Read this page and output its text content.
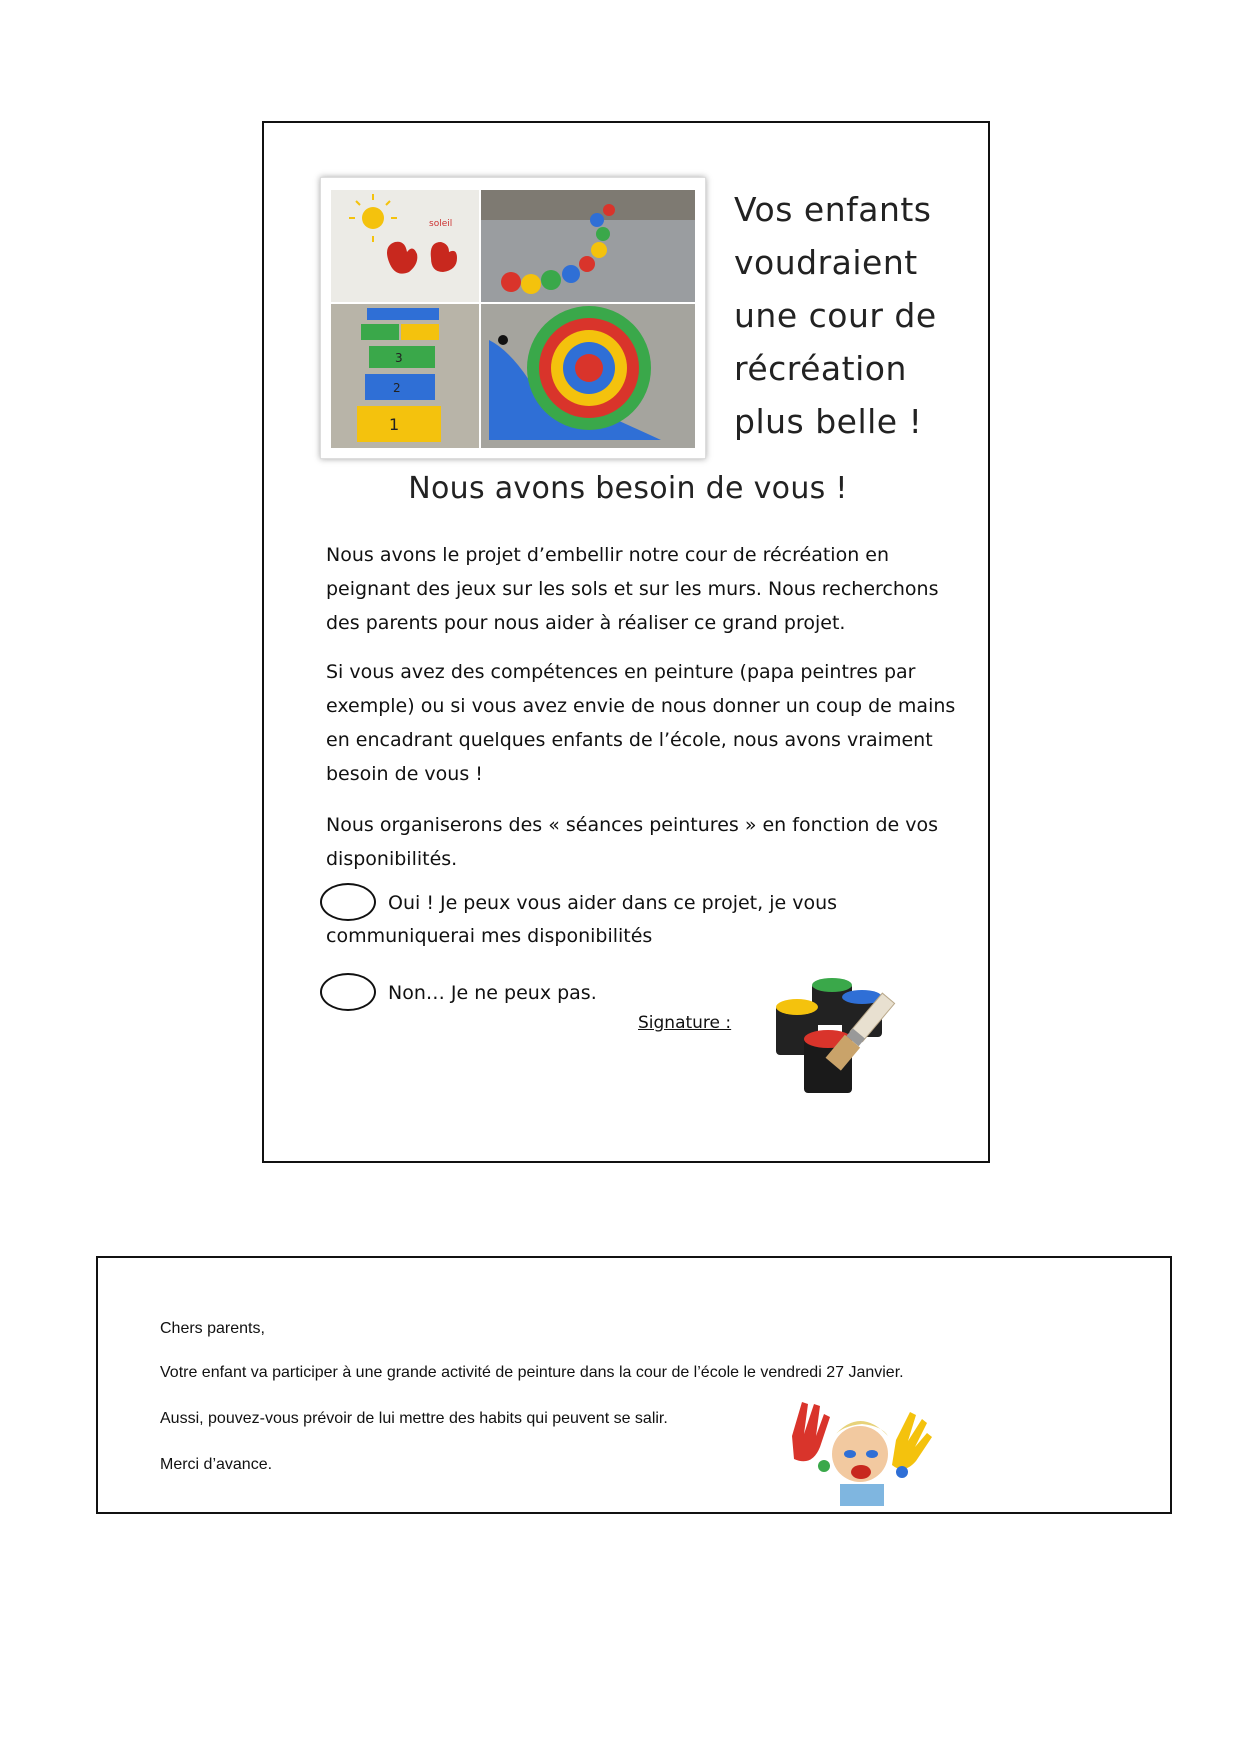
soleil
3
2
1
Vos enfants
voudraient
une cour de
récréation
plus belle !
Nous avons besoin de vous !
Nous avons le projet d’embellir notre cour de récréation en peignant des jeux sur les sols et sur les murs. Nous recherchons des parents pour nous aider à réaliser ce grand projet.
Si vous avez des compétences en peinture (papa peintres par exemple) ou si vous avez envie de nous donner un coup de mains en encadrant quelques enfants de l’école, nous avons vraiment besoin de vous !
Nous organiserons des « séances peintures » en fonction de vos disponibilités.
Oui ! Je peux vous aider dans ce projet, je vous communiquerai mes disponibilités
Non… Je ne peux pas.
Signature :
Chers parents,
Votre enfant va participer à une grande activité de peinture dans la cour de l’école le vendredi 27 Janvier.
Aussi, pouvez-vous prévoir de lui mettre des habits qui peuvent se salir.
Merci d’avance.
